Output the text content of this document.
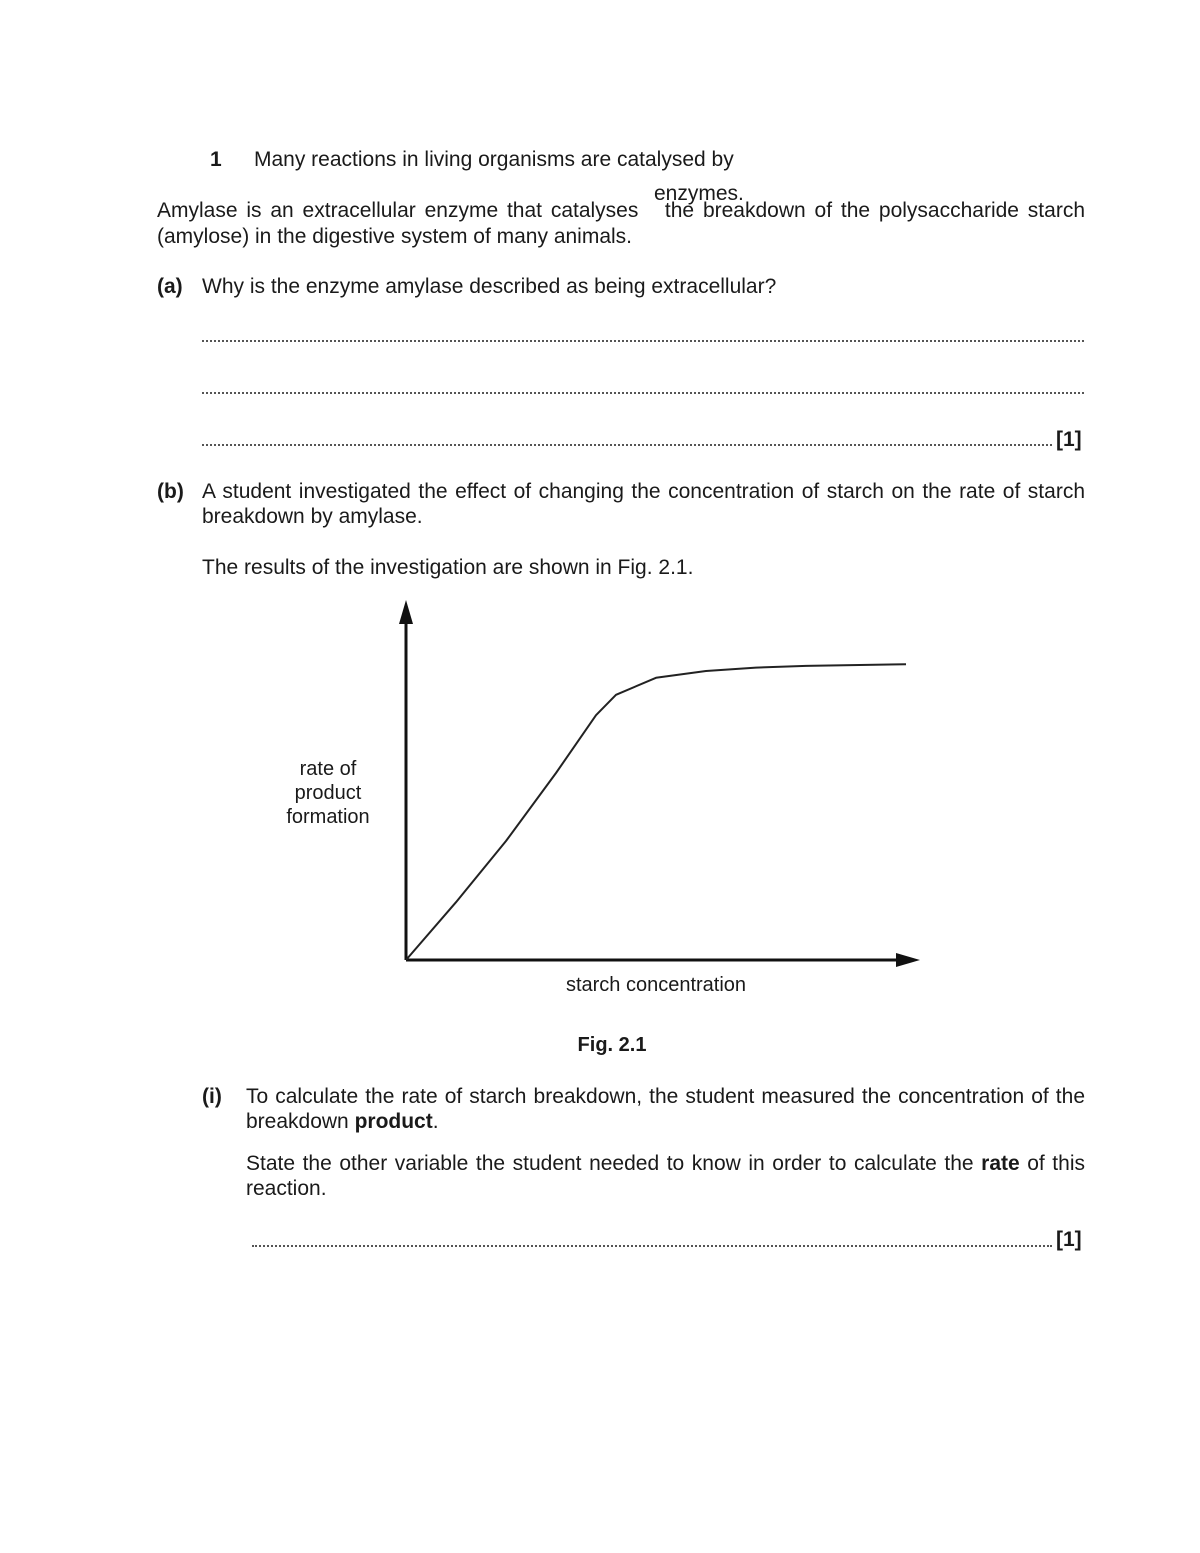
1 Many reactions in living organisms are catalysed by
enzymes.
Amylase is an extracellular enzyme that catalyses the breakdown of the polysaccharide starch
(amylose) in the digestive system of many animals.
(a) Why is the enzyme amylase described as being extracellular?
[1]
(b) A student investigated the effect of changing the concentration of starch on the rate of starch breakdown by amylase.
The results of the investigation are shown in Fig. 2.1.
rate of
product
formation
starch concentration
Fig. 2.1
(i) To calculate the rate of starch breakdown, the student measured the concentration of the breakdown product.
State the other variable the student needed to know in order to calculate the rate of this reaction.
[1]
